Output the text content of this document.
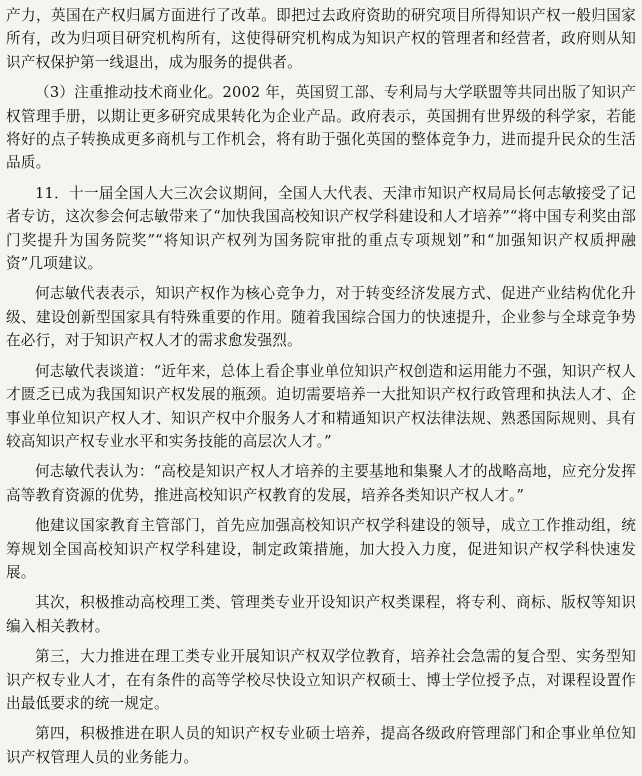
产力，英国在产权归属方面进行了改革。即把过去政府资助的研究项目所得知识产权一般归国家所有，改为归项目研究机构所有，这使得研究机构成为知识产权的管理者和经营者，政府则从知识产权保护第一线退出，成为服务的提供者。

（3）注重推动技术商业化。2002 年，英国贸工部、专利局与大学联盟等共同出版了知识产权管理手册，以期让更多研究成果转化为企业产品。政府表示，英国拥有世界级的科学家，若能将好的点子转换成更多商机与工作机会，将有助于强化英国的整体竞争力，进而提升民众的生活品质。

11．十一届全国人大三次会议期间，全国人大代表、天津市知识产权局局长何志敏接受了记者专访，这次参会何志敏带来了“加快我国高校知识产权学科建设和人才培养”“将中国专利奖由部门奖提升为国务院奖”“将知识产权列为国务院审批的重点专项规划”和“加强知识产权质押融资”几项建议。

何志敏代表表示，知识产权作为核心竞争力，对于转变经济发展方式、促进产业结构优化升级、建设创新型国家具有特殊重要的作用。随着我国综合国力的快速提升，企业参与全球竞争势在必行，对于知识产权人才的需求愈发强烈。

何志敏代表谈道：“近年来，总体上看企事业单位知识产权创造和运用能力不强，知识产权人才匮乏已成为我国知识产权发展的瓶颈。迫切需要培养一大批知识产权行政管理和执法人才、企事业单位知识产权人才、知识产权中介服务人才和精通知识产权法律法规、熟悉国际规则、具有较高知识产权专业水平和实务技能的高层次人才。”

何志敏代表认为：“高校是知识产权人才培养的主要基地和集聚人才的战略高地，应充分发挥高等教育资源的优势，推进高校知识产权教育的发展，培养各类知识产权人才。”

他建议国家教育主管部门，首先应加强高校知识产权学科建设的领导，成立工作推动组，统筹规划全国高校知识产权学科建设，制定政策措施，加大投入力度，促进知识产权学科快速发展。

其次，积极推动高校理工类、管理类专业开设知识产权类课程，将专利、商标、版权等知识编入相关教材。

第三，大力推进在理工类专业开展知识产权双学位教育，培养社会急需的复合型、实务型知识产权专业人才，在有条件的高等学校尽快设立知识产权硕士、博士学位授予点，对课程设置作出最低要求的统一规定。

第四，积极推进在职人员的知识产权专业硕士培养，提高各级政府管理部门和企事业单位知识产权管理人员的业务能力。
